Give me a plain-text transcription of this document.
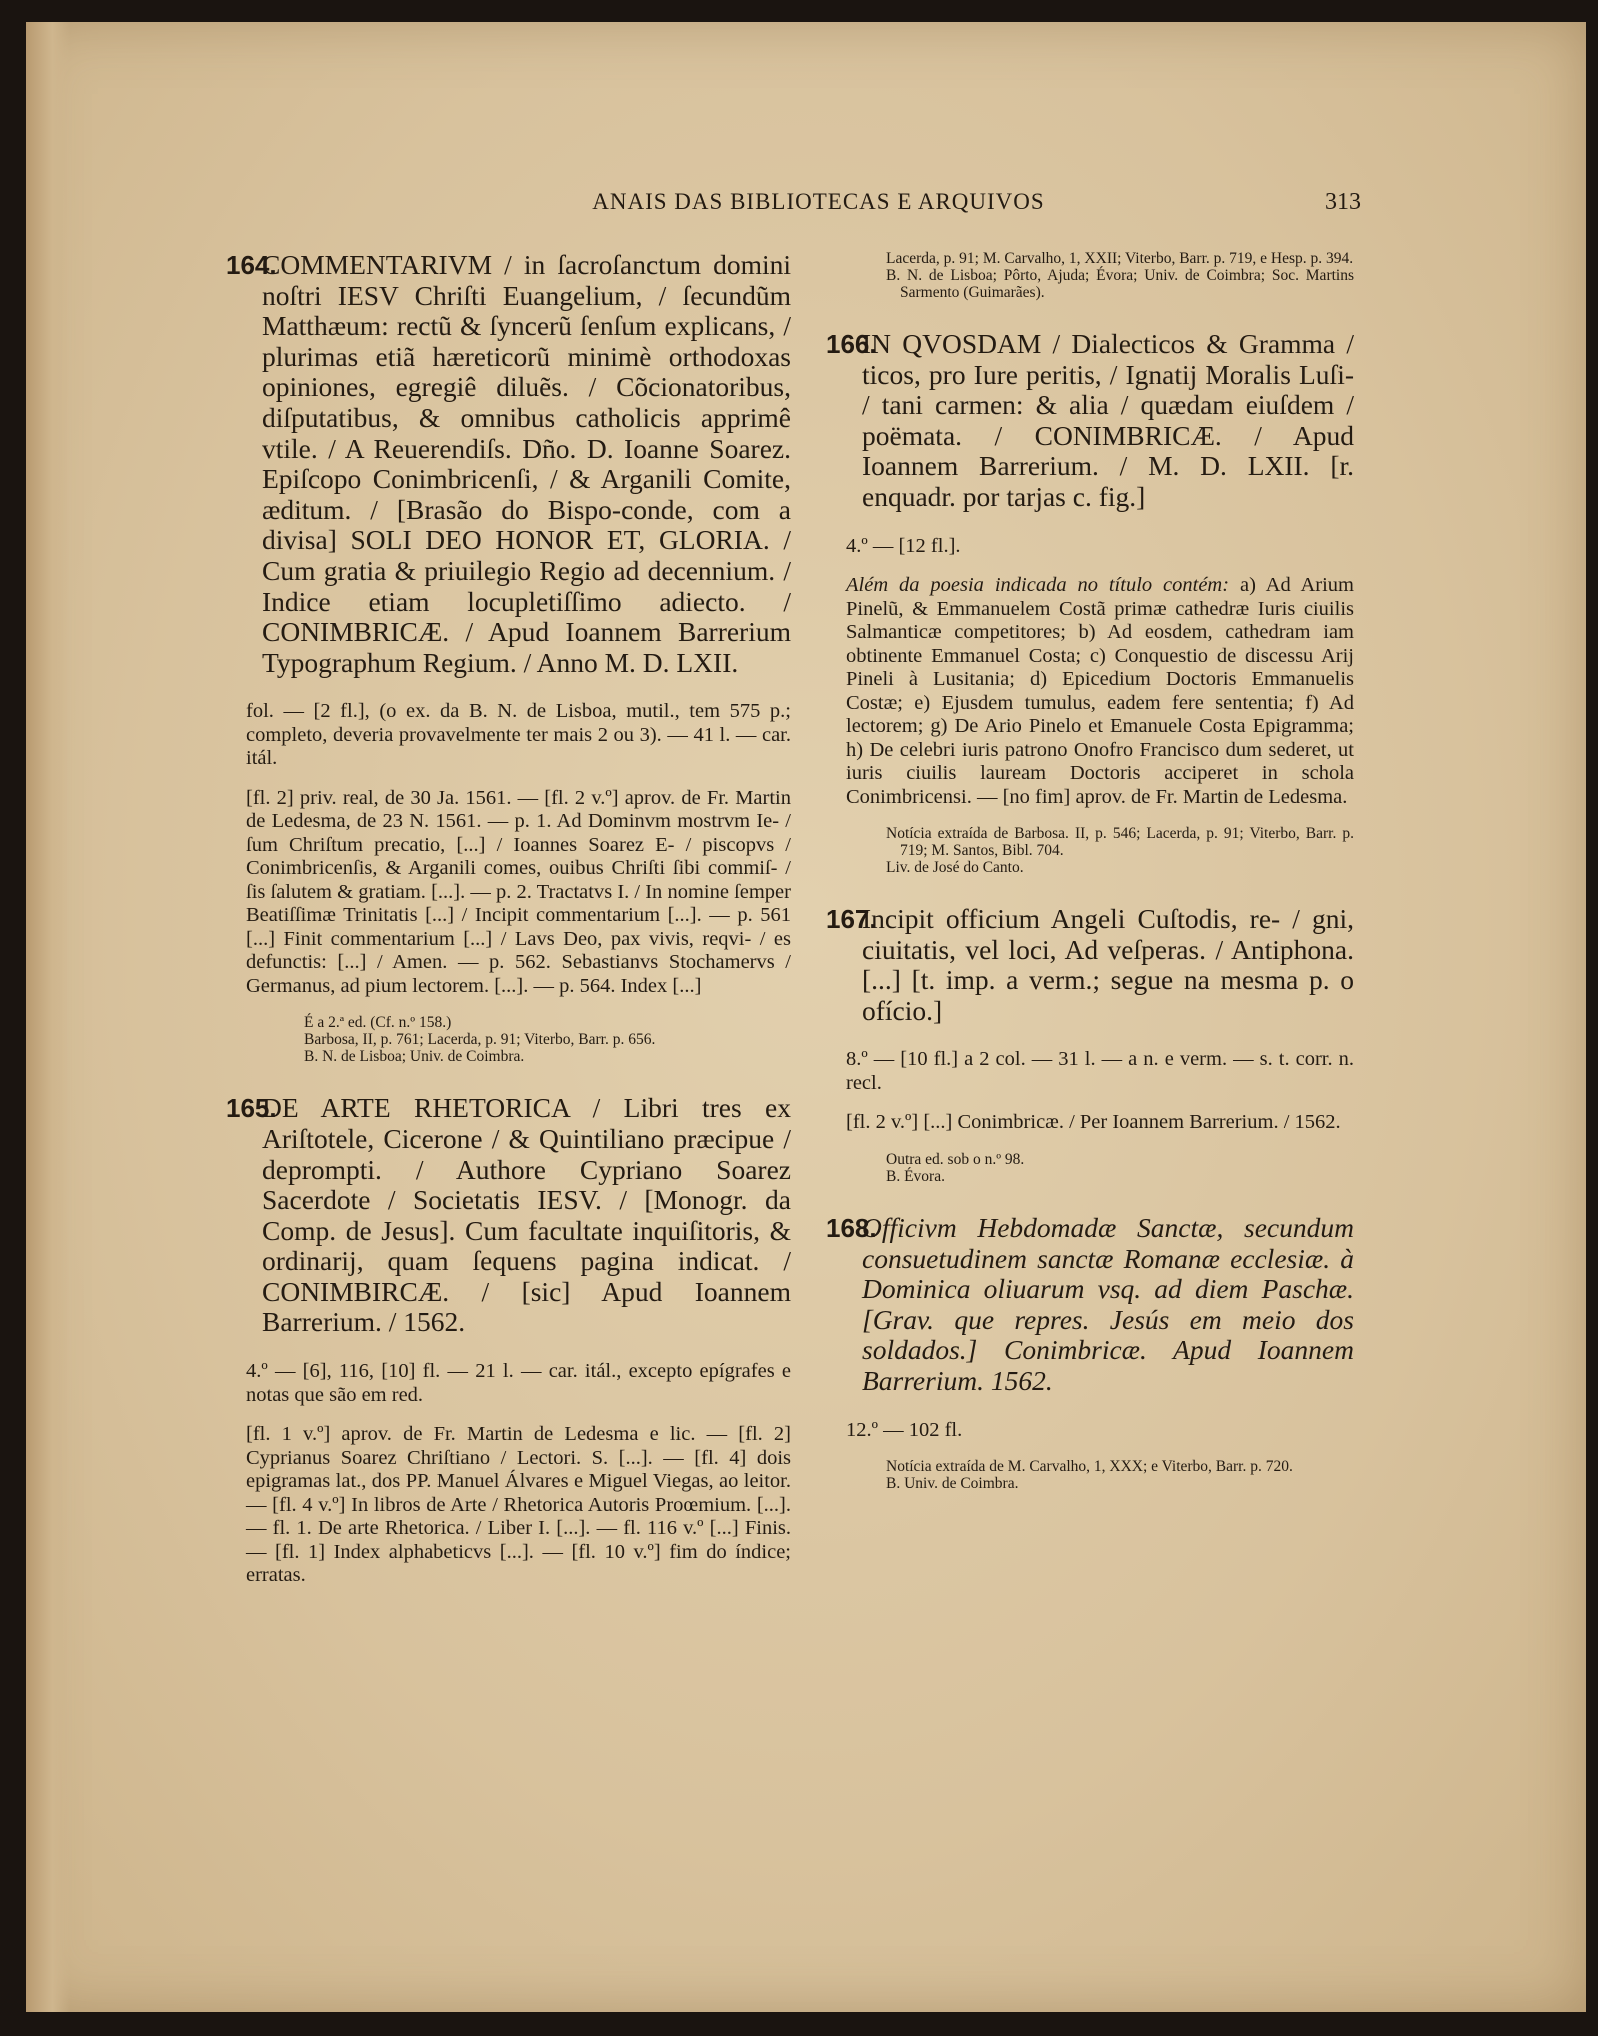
ANAIS DAS BIBLIOTECAS E ARQUIVOS	313
164.COMMENTARIVM / in ſacroſanctum domini noſtri IESV Chriſti Euangelium, / ſecundũm Matthæum: rectũ & ſyncerũ ſenſum explicans, / plurimas etiã hæreticorũ minimè orthodoxas opiniones, egregiê diluẽs. / Cõcionatoribus, diſputatibus, & omnibus catholicis apprimê vtile. / A Reuerendiſs. Dño. D. Ioanne Soarez. Epiſcopo Conimbricenſi, / & Arganili Comite, æditum. / [Brasão do Bispo-conde, com a divisa] SOLI DEO HONOR ET, GLORIA. / Cum gratia & priuilegio Regio ad decennium. / Indice etiam locupletiſſimo adiecto. / CONIMBRICÆ. / Apud Ioannem Barrerium Typographum Regium. / Anno M. D. LXII.
fol. — [2 fl.], (o ex. da B. N. de Lisboa, mutil., tem 575 p.; completo, deveria provavelmente ter mais 2 ou 3). — 41 l. — car. itál.
[fl. 2] priv. real, de 30 Ja. 1561. — [fl. 2 v.º] aprov. de Fr. Martin de Ledesma, de 23 N. 1561. — p. 1. Ad Dominvm mostrvm Ie- / ſum Chriſtum precatio, [...] / Ioannes Soarez E- / piscopvs / Conimbricenſis, & Arganili comes, ouibus Chriſti ſibi commiſ- / ſis ſalutem & gratiam. [...]. — p. 2. Tractatvs I. / In nomine ſemper Beatiſſimæ Trinitatis [...] / Incipit commentarium [...]. — p. 561 [...] Finit commentarium [...] / Lavs Deo, pax vivis, reqvi- / es defunctis: [...] / Amen. — p. 562. Sebastianvs Stochamervs / Germanus, ad pium lectorem. [...]. — p. 564. Index [...]

É a 2.ª ed. (Cf. n.º 158.)

Barbosa, II, p. 761; Lacerda, p. 91; Viterbo, Barr. p. 656.

B. N. de Lisboa; Univ. de Coimbra.

165.DE ARTE RHETORICA / Libri tres ex Ariſtotele, Cicerone / & Quintiliano præcipue / deprompti. / Authore Cypriano Soarez Sacerdote / Societatis IESV. / [Monogr. da Comp. de Jesus]. Cum facultate inquiſitoris, & ordinarij, quam ſequens pagina indicat. / CONIMBIRCÆ. / [sic] Apud Ioannem Barrerium. / 1562.
4.º — [6], 116, [10] fl. — 21 l. — car. itál., excepto epígrafes e notas que são em red.
[fl. 1 v.º] aprov. de Fr. Martin de Ledesma e lic. — [fl. 2] Cyprianus Soarez Chriſtiano / Lectori. S. [...]. — [fl. 4] dois epigramas lat., dos PP. Manuel Álvares e Miguel Viegas, ao leitor. — [fl. 4 v.º] In libros de Arte / Rhetorica Autoris Proœmium. [...]. — fl. 1. De arte Rhetorica. / Liber I. [...]. — fl. 116 v.º [...] Finis. — [fl. 1] Index alphabeticvs [...]. — [fl. 10 v.º] fim do índice; erratas.

Lacerda, p. 91; M. Carvalho, 1, XXII; Viterbo, Barr. p. 719, e Hesp. p. 394.

B. N. de Lisboa; Pôrto, Ajuda; Évora; Univ. de Coimbra; Soc. Martins Sarmento (Guimarães).

166.IN QVOSDAM / Dialecticos & Gramma / ticos, pro Iure peritis, / Ignatij Moralis Luſi- / tani carmen: & alia / quædam eiuſdem / poëmata. / CONIMBRICÆ. / Apud Ioannem Barrerium. / M. D. LXII. [r. enquadr. por tarjas c. fig.]
4.º — [12 fl.].
Além da poesia indicada no título contém: a) Ad Arium Pinelũ, & Emmanuelem Costã primæ cathedræ Iuris ciuilis Salmanticæ competitores; b) Ad eosdem, cathedram iam obtinente Emmanuel Costa; c) Conquestio de discessu Arij Pineli à Lusitania; d) Epicedium Doctoris Emmanuelis Costæ; e) Ejusdem tumulus, eadem fere sententia; f) Ad lectorem; g) De Ario Pinelo et Emanuele Costa Epigramma; h) De celebri iuris patrono Onofro Francisco dum sederet, ut iuris ciuilis lauream Doctoris acciperet in schola Conimbricensi. — [no fim] aprov. de Fr. Martin de Ledesma.

Notícia extraída de Barbosa. II, p. 546; Lacerda, p. 91; Viterbo, Barr. p. 719; M. Santos, Bibl. 704.

Liv. de José do Canto.

167.Incipit officium Angeli Cuſtodis, re- / gni, ciuitatis, vel loci, Ad veſperas. / Antiphona. [...] [t. imp. a verm.; segue na mesma p. o ofício.]
8.º — [10 fl.] a 2 col. — 31 l. — a n. e verm. — s. t. corr. n. recl.
[fl. 2 v.º] [...] Conimbricæ. / Per Ioannem Barrerium. / 1562.

Outra ed. sob o n.º 98.

B. Évora.

168.Officivm Hebdomadæ Sanctæ, secundum consuetudinem sanctæ Romanæ ecclesiæ. à Dominica oliuarum vsq. ad diem Paschæ. [Grav. que repres. Jesús em meio dos soldados.] Conimbricæ. Apud Ioannem Barrerium. 1562.
12.º — 102 fl.

Notícia extraída de M. Carvalho, 1, XXX; e Viterbo, Barr. p. 720.

B. Univ. de Coimbra.
